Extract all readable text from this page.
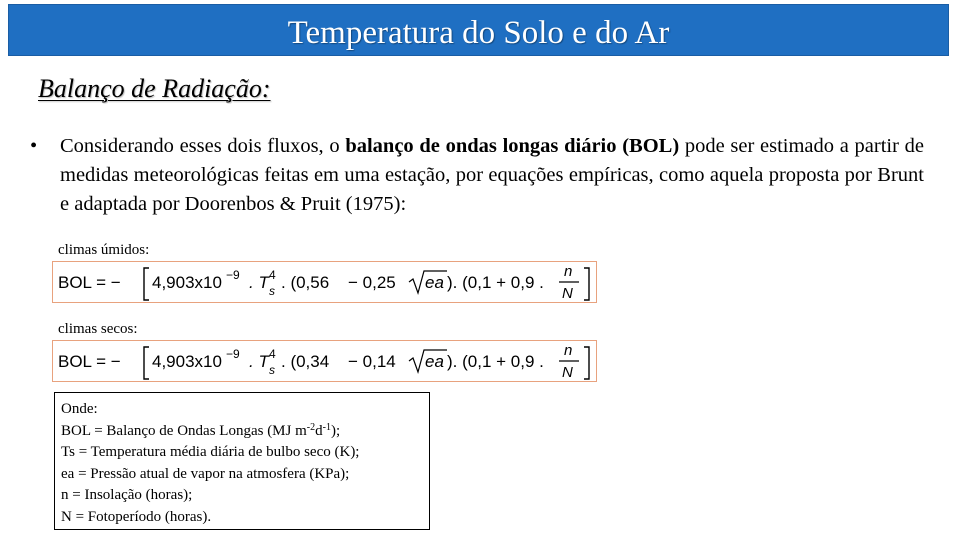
Temperatura do Solo e do Ar
Balanço de Radiação:
• Considerando esses dois fluxos, o balanço de ondas longas diário (BOL) pode ser estimado a partir de medidas meteorológicas feitas em uma estação, por equações empíricas, como aquela proposta por Brunt e adaptada por Doorenbos & Pruit (1975):
climas úmidos:
BOL = − 4,903x10 −9 . T 4
s . (0,56 − 0,25 ea ). (0,1 + 0,9 .
n
N
climas secos:
BOL = − 4,903x10 −9 . T 4
s . (0,34 − 0,14 ea ). (0,1 + 0,9 .
n
N
Onde:
BOL = Balanço de Ondas Longas (MJ $m^{-2}d^{-1}$);
Ts = Temperatura média diária de bulbo seco (K);
ea = Pressão atual de vapor na atmosfera (KPa);
n = Insolação (horas);
N = Fotoperíodo (horas).
